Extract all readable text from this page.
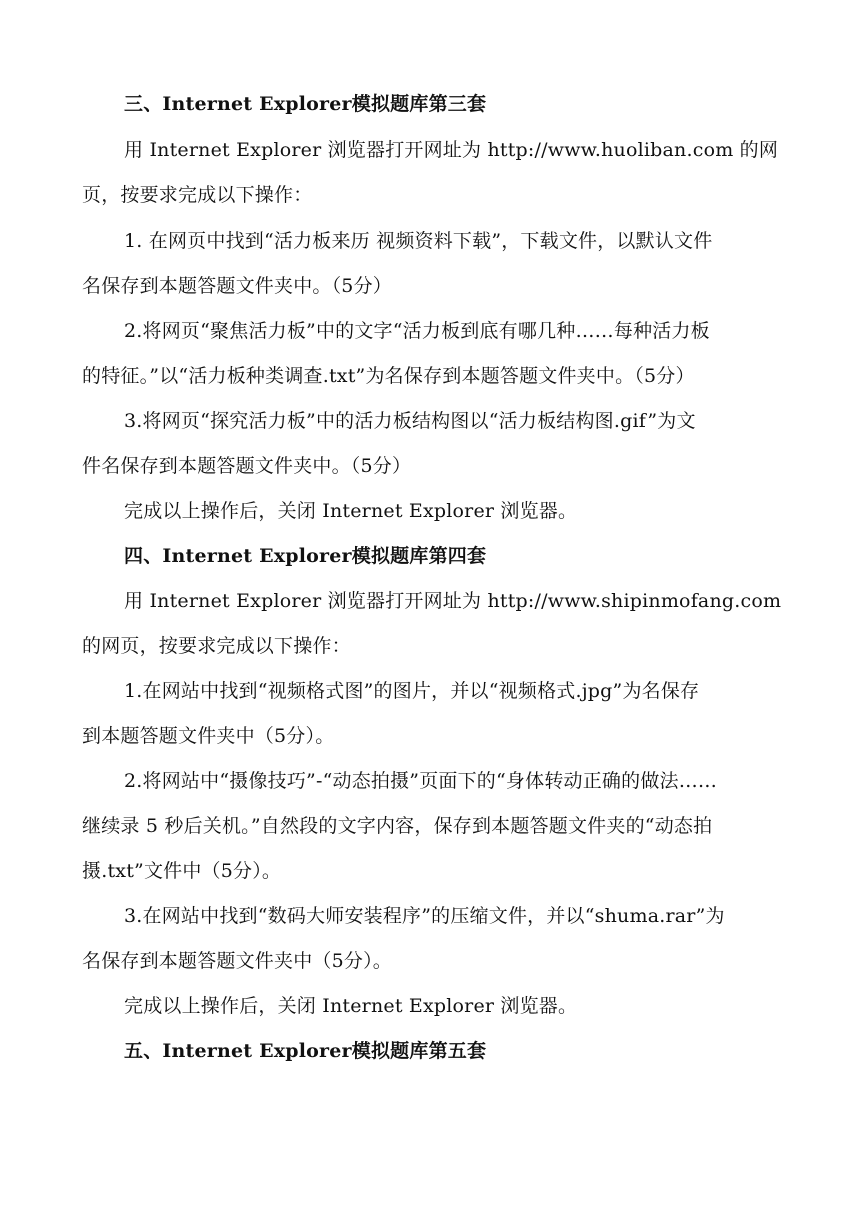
三、Internet Explorer模拟题库第三套
用 Internet Explorer 浏览器打开网址为 http://www.huoliban.com 的网
页，按要求完成以下操作：
1. 在网页中找到“活力板来历 视频资料下载”，下载文件，以默认文件
名保存到本题答题文件夹中。（5分）
2.将网页“聚焦活力板”中的文字“活力板到底有哪几种……每种活力板
的特征。”以“活力板种类调查.txt”为名保存到本题答题文件夹中。（5分）
3.将网页“探究活力板”中的活力板结构图以“活力板结构图.gif”为文
件名保存到本题答题文件夹中。（5分）
完成以上操作后，关闭 Internet Explorer 浏览器。
四、Internet Explorer模拟题库第四套
用 Internet Explorer 浏览器打开网址为 http://www.shipinmofang.com
的网页，按要求完成以下操作：
1.在网站中找到“视频格式图”的图片，并以“视频格式.jpg”为名保存
到本题答题文件夹中（5分）。
2.将网站中“摄像技巧”-“动态拍摄”页面下的“身体转动正确的做法……
继续录 5 秒后关机。”自然段的文字内容，保存到本题答题文件夹的“动态拍
摄.txt”文件中（5分）。
3.在网站中找到“数码大师安装程序”的压缩文件，并以“shuma.rar”为
名保存到本题答题文件夹中（5分）。
完成以上操作后，关闭 Internet Explorer 浏览器。
五、Internet Explorer模拟题库第五套
